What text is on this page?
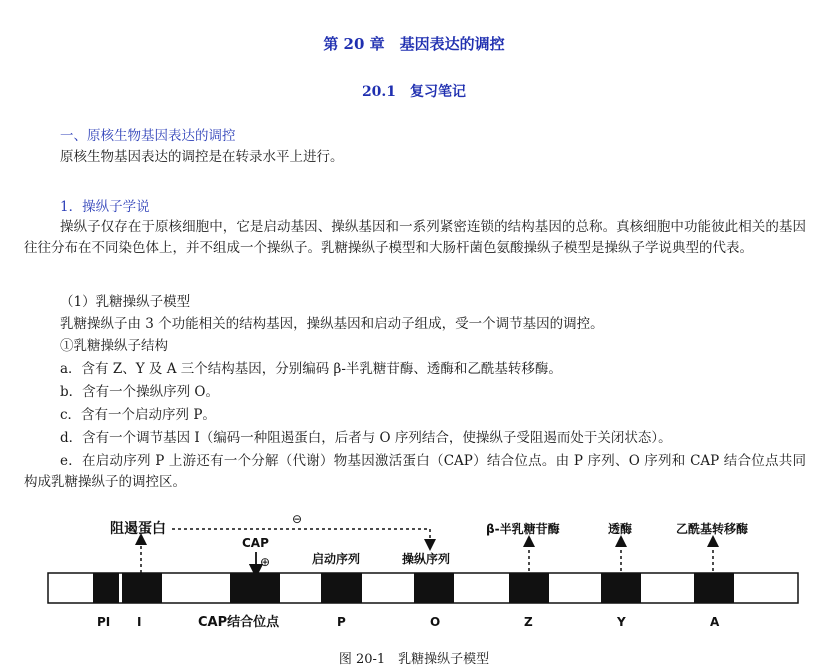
第 20 章　基因表达的调控
20.1　复习笔记
一、原核生物基因表达的调控
原核生物基因表达的调控是在转录水平上进行。
1．操纵子学说
操纵子仅存在于原核细胞中，它是启动基因、操纵基因和一系列紧密连锁的结构基因的总称。真核细胞中功能彼此相关的基因往往分布在不同染色体上，并不组成一个操纵子。乳糖操纵子模型和大肠杆菌色氨酸操纵子模型是操纵子学说典型的代表。
（1）乳糖操纵子模型
乳糖操纵子由 3 个功能相关的结构基因，操纵基因和启动子组成，受一个调节基因的调控。
①乳糖操纵子结构
a．含有 Z、Y 及 A 三个结构基因，分别编码 β-半乳糖苷酶、透酶和乙酰基转移酶。
b．含有一个操纵序列 O。
c．含有一个启动序列 P。
d．含有一个调节基因 I（编码一种阻遏蛋白，后者与 O 序列结合，使操纵子受阻遏而处于关闭状态）。
e．在启动序列 P 上游还有一个分解（代谢）物基因激活蛋白（CAP）结合位点。由 P 序列、O 序列和 CAP 结合位点共同构成乳糖操纵子的调控区。
阻遏蛋白
⊖
CAP
⊕	启动序列	操纵序列
β-半乳糖苷酶	透酶	乙酰基转移酶
PI I	CAP结合位点	P	O	Z	Y	A
图 20-1　乳糖操纵子模型
